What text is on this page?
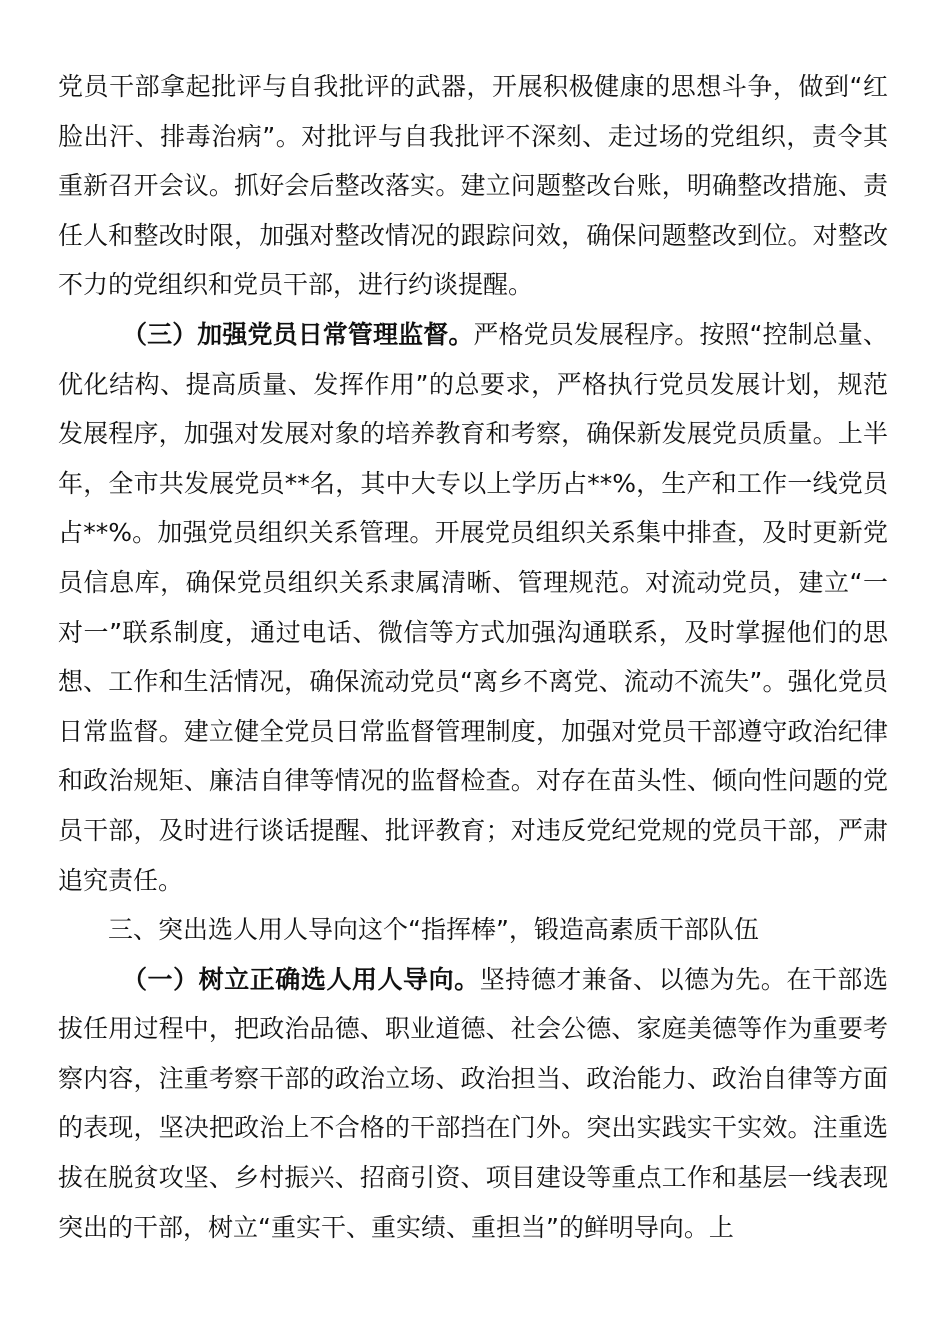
党员干部拿起批评与自我批评的武器，开展积极健康的思想斗争，做到“红脸出汗、排毒治病”。对批评与自我批评不深刻、走过场的党组织，责令其重新召开会议。抓好会后整改落实。建立问题整改台账，明确整改措施、责任人和整改时限，加强对整改情况的跟踪问效，确保问题整改到位。对整改不力的党组织和党员干部，进行约谈提醒。

（三）加强党员日常管理监督。严格党员发展程序。按照“控制总量、优化结构、提高质量、发挥作用”的总要求，严格执行党员发展计划，规范发展程序，加强对发展对象的培养教育和考察，确保新发展党员质量。上半年，全市共发展党员**名，其中大专以上学历占**%，生产和工作一线党员占**%。加强党员组织关系管理。开展党员组织关系集中排查，及时更新党员信息库，确保党员组织关系隶属清晰、管理规范。对流动党员，建立“一对一”联系制度，通过电话、微信等方式加强沟通联系，及时掌握他们的思想、工作和生活情况，确保流动党员“离乡不离党、流动不流失”。强化党员日常监督。建立健全党员日常监督管理制度，加强对党员干部遵守政治纪律和政治规矩、廉洁自律等情况的监督检查。对存在苗头性、倾向性问题的党员干部，及时进行谈话提醒、批评教育；对违反党纪党规的党员干部，严肃追究责任。

三、突出选人用人导向这个“指挥棒”，锻造高素质干部队伍

（一）树立正确选人用人导向。坚持德才兼备、以德为先。在干部选拔任用过程中，把政治品德、职业道德、社会公德、家庭美德等作为重要考察内容，注重考察干部的政治立场、政治担当、政治能力、政治自律等方面的表现，坚决把政治上不合格的干部挡在门外。突出实践实干实效。注重选拔在脱贫攻坚、乡村振兴、招商引资、项目建设等重点工作和基层一线表现突出的干部，树立“重实干、重实绩、重担当”的鲜明导向。上
